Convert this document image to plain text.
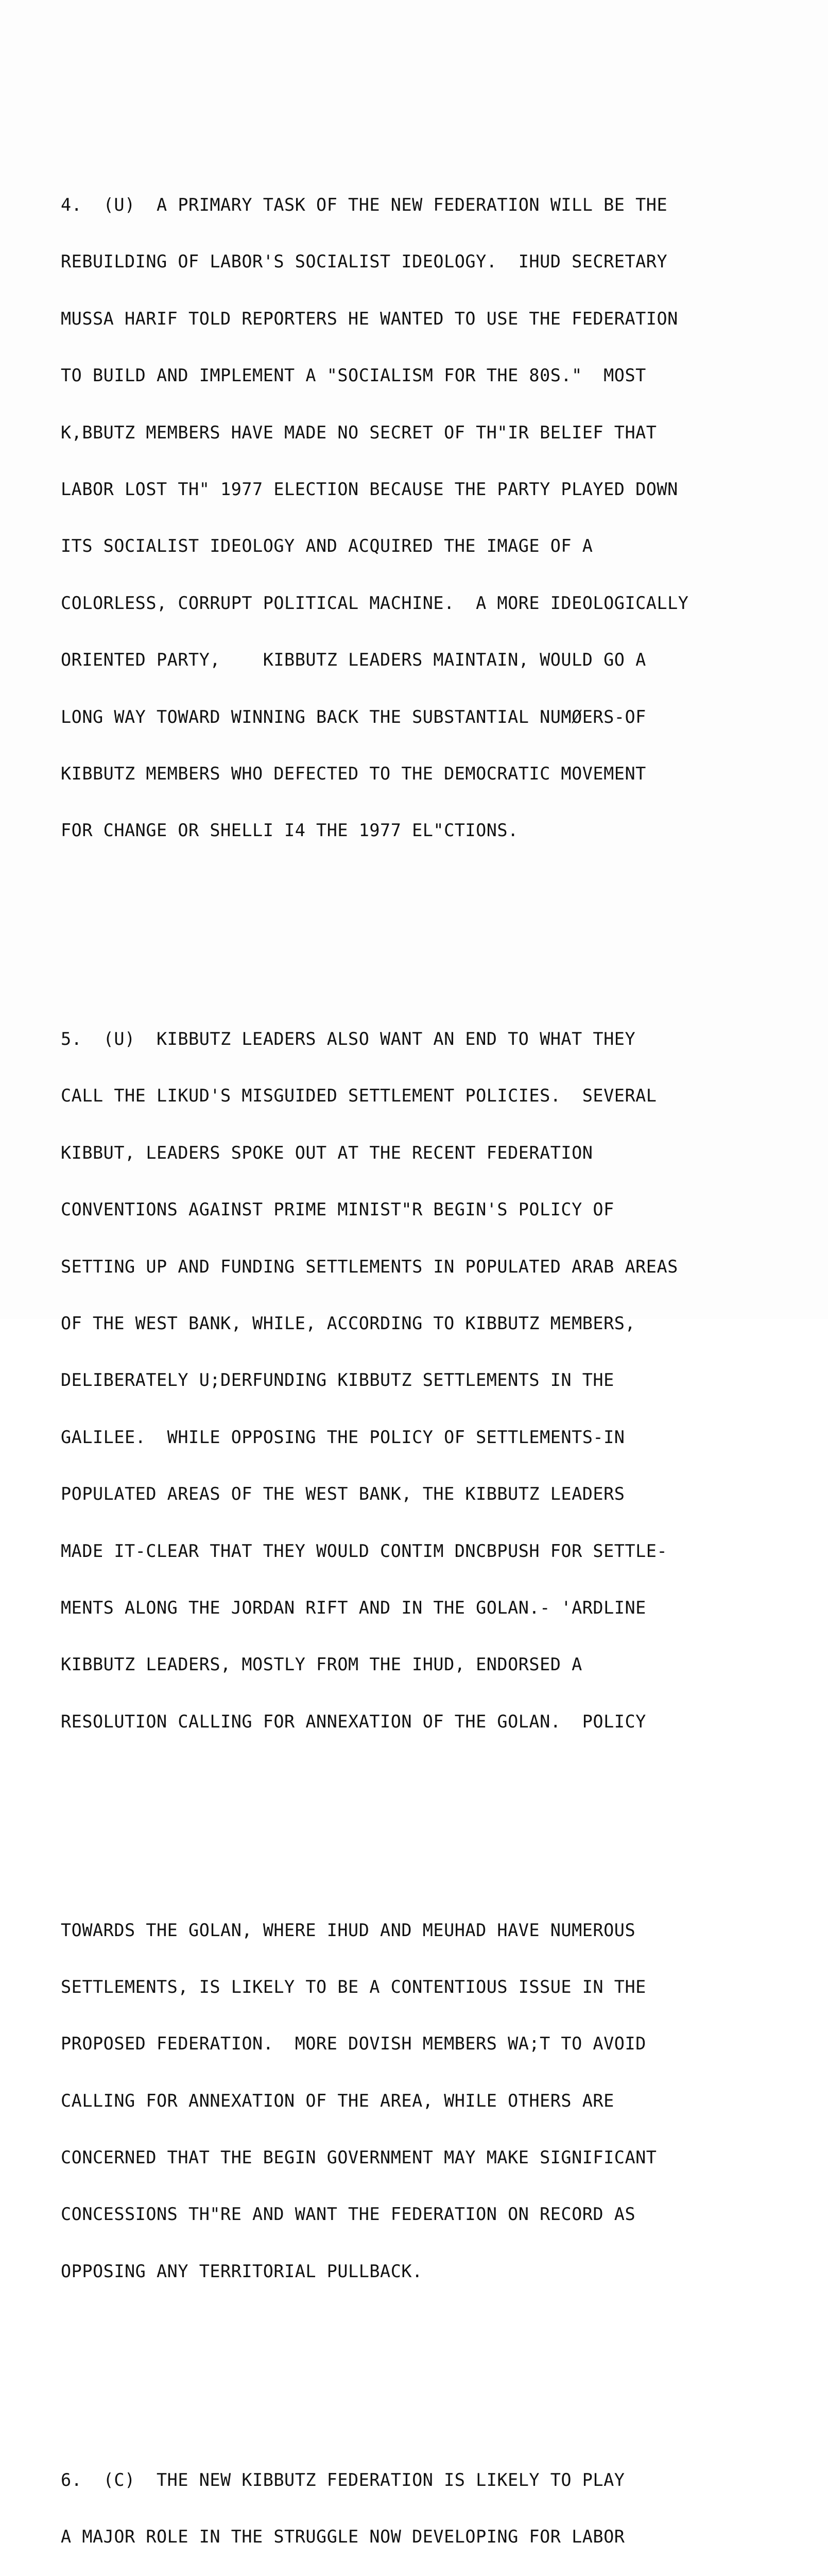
4.  (U)  A PRIMARY TASK OF THE NEW FEDERATION WILL BE THE

REBUILDING OF LABOR'S SOCIALIST IDEOLOGY.  IHUD SECRETARY

MUSSA HARIF TOLD REPORTERS HE WANTED TO USE THE FEDERATION

TO BUILD AND IMPLEMENT A "SOCIALISM FOR THE 80S."  MOST

K,BBUTZ MEMBERS HAVE MADE NO SECRET OF TH"IR BELIEF THAT

LABOR LOST TH" 1977 ELECTION BECAUSE THE PARTY PLAYED DOWN

ITS SOCIALIST IDEOLOGY AND ACQUIRED THE IMAGE OF A

COLORLESS, CORRUPT POLITICAL MACHINE.  A MORE IDEOLOGICALLY

ORIENTED PARTY,    KIBBUTZ LEADERS MAINTAIN, WOULD GO A

LONG WAY TOWARD WINNING BACK THE SUBSTANTIAL NUMØERS-OF

KIBBUTZ MEMBERS WHO DEFECTED TO THE DEMOCRATIC MOVEMENT

FOR CHANGE OR SHELLI I4 THE 1977 EL"CTIONS.

5.  (U)  KIBBUTZ LEADERS ALSO WANT AN END TO WHAT THEY

CALL THE LIKUD'S MISGUIDED SETTLEMENT POLICIES.  SEVERAL

KIBBUT, LEADERS SPOKE OUT AT THE RECENT FEDERATION

CONVENTIONS AGAINST PRIME MINIST"R BEGIN'S POLICY OF

SETTING UP AND FUNDING SETTLEMENTS IN POPULATED ARAB AREAS

OF THE WEST BANK, WHILE, ACCORDING TO KIBBUTZ MEMBERS,

DELIBERATELY U;DERFUNDING KIBBUTZ SETTLEMENTS IN THE

GALILEE.  WHILE OPPOSING THE POLICY OF SETTLEMENTS-IN

POPULATED AREAS OF THE WEST BANK, THE KIBBUTZ LEADERS

MADE IT-CLEAR THAT THEY WOULD CONTIM DNCBPUSH FOR SETTLE-

MENTS ALONG THE JORDAN RIFT AND IN THE GOLAN.- 'ARDLINE

KIBBUTZ LEADERS, MOSTLY FROM THE IHUD, ENDORSED A

RESOLUTION CALLING FOR ANNEXATION OF THE GOLAN.  POLICY

TOWARDS THE GOLAN, WHERE IHUD AND MEUHAD HAVE NUMEROUS

SETTLEMENTS, IS LIKELY TO BE A CONTENTIOUS ISSUE IN THE

PROPOSED FEDERATION.  MORE DOVISH MEMBERS WA;T TO AVOID

CALLING FOR ANNEXATION OF THE AREA, WHILE OTHERS ARE

CONCERNED THAT THE BEGIN GOVERNMENT MAY MAKE SIGNIFICANT

CONCESSIONS TH"RE AND WANT THE FEDERATION ON RECORD AS

OPPOSING ANY TERRITORIAL PULLBACK.

6.  (C)  THE NEW KIBBUTZ FEDERATION IS LIKELY TO PLAY

A MAJOR ROLE IN THE STRUGGLE NOW DEVELOPING FOR LABOR
